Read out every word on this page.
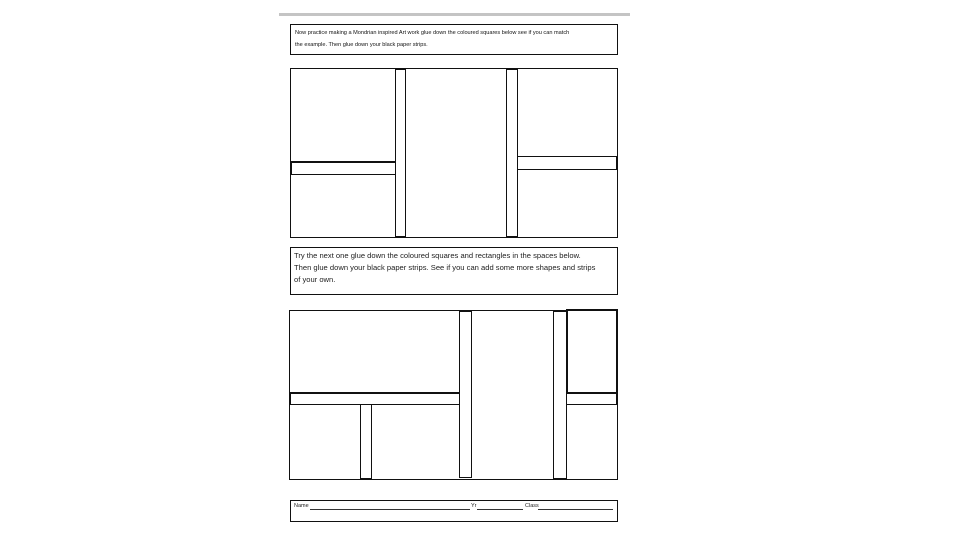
Now practice making a Mondrian inspired Art work glue down the coloured squares below see if you can match
the example. Then glue down your black paper strips.
Try the next one glue down the coloured squares and rectangles in the spaces below.
Then glue down your black paper strips. See if you can add some more shapes and strips
of your own.
Name	Yr	Class
